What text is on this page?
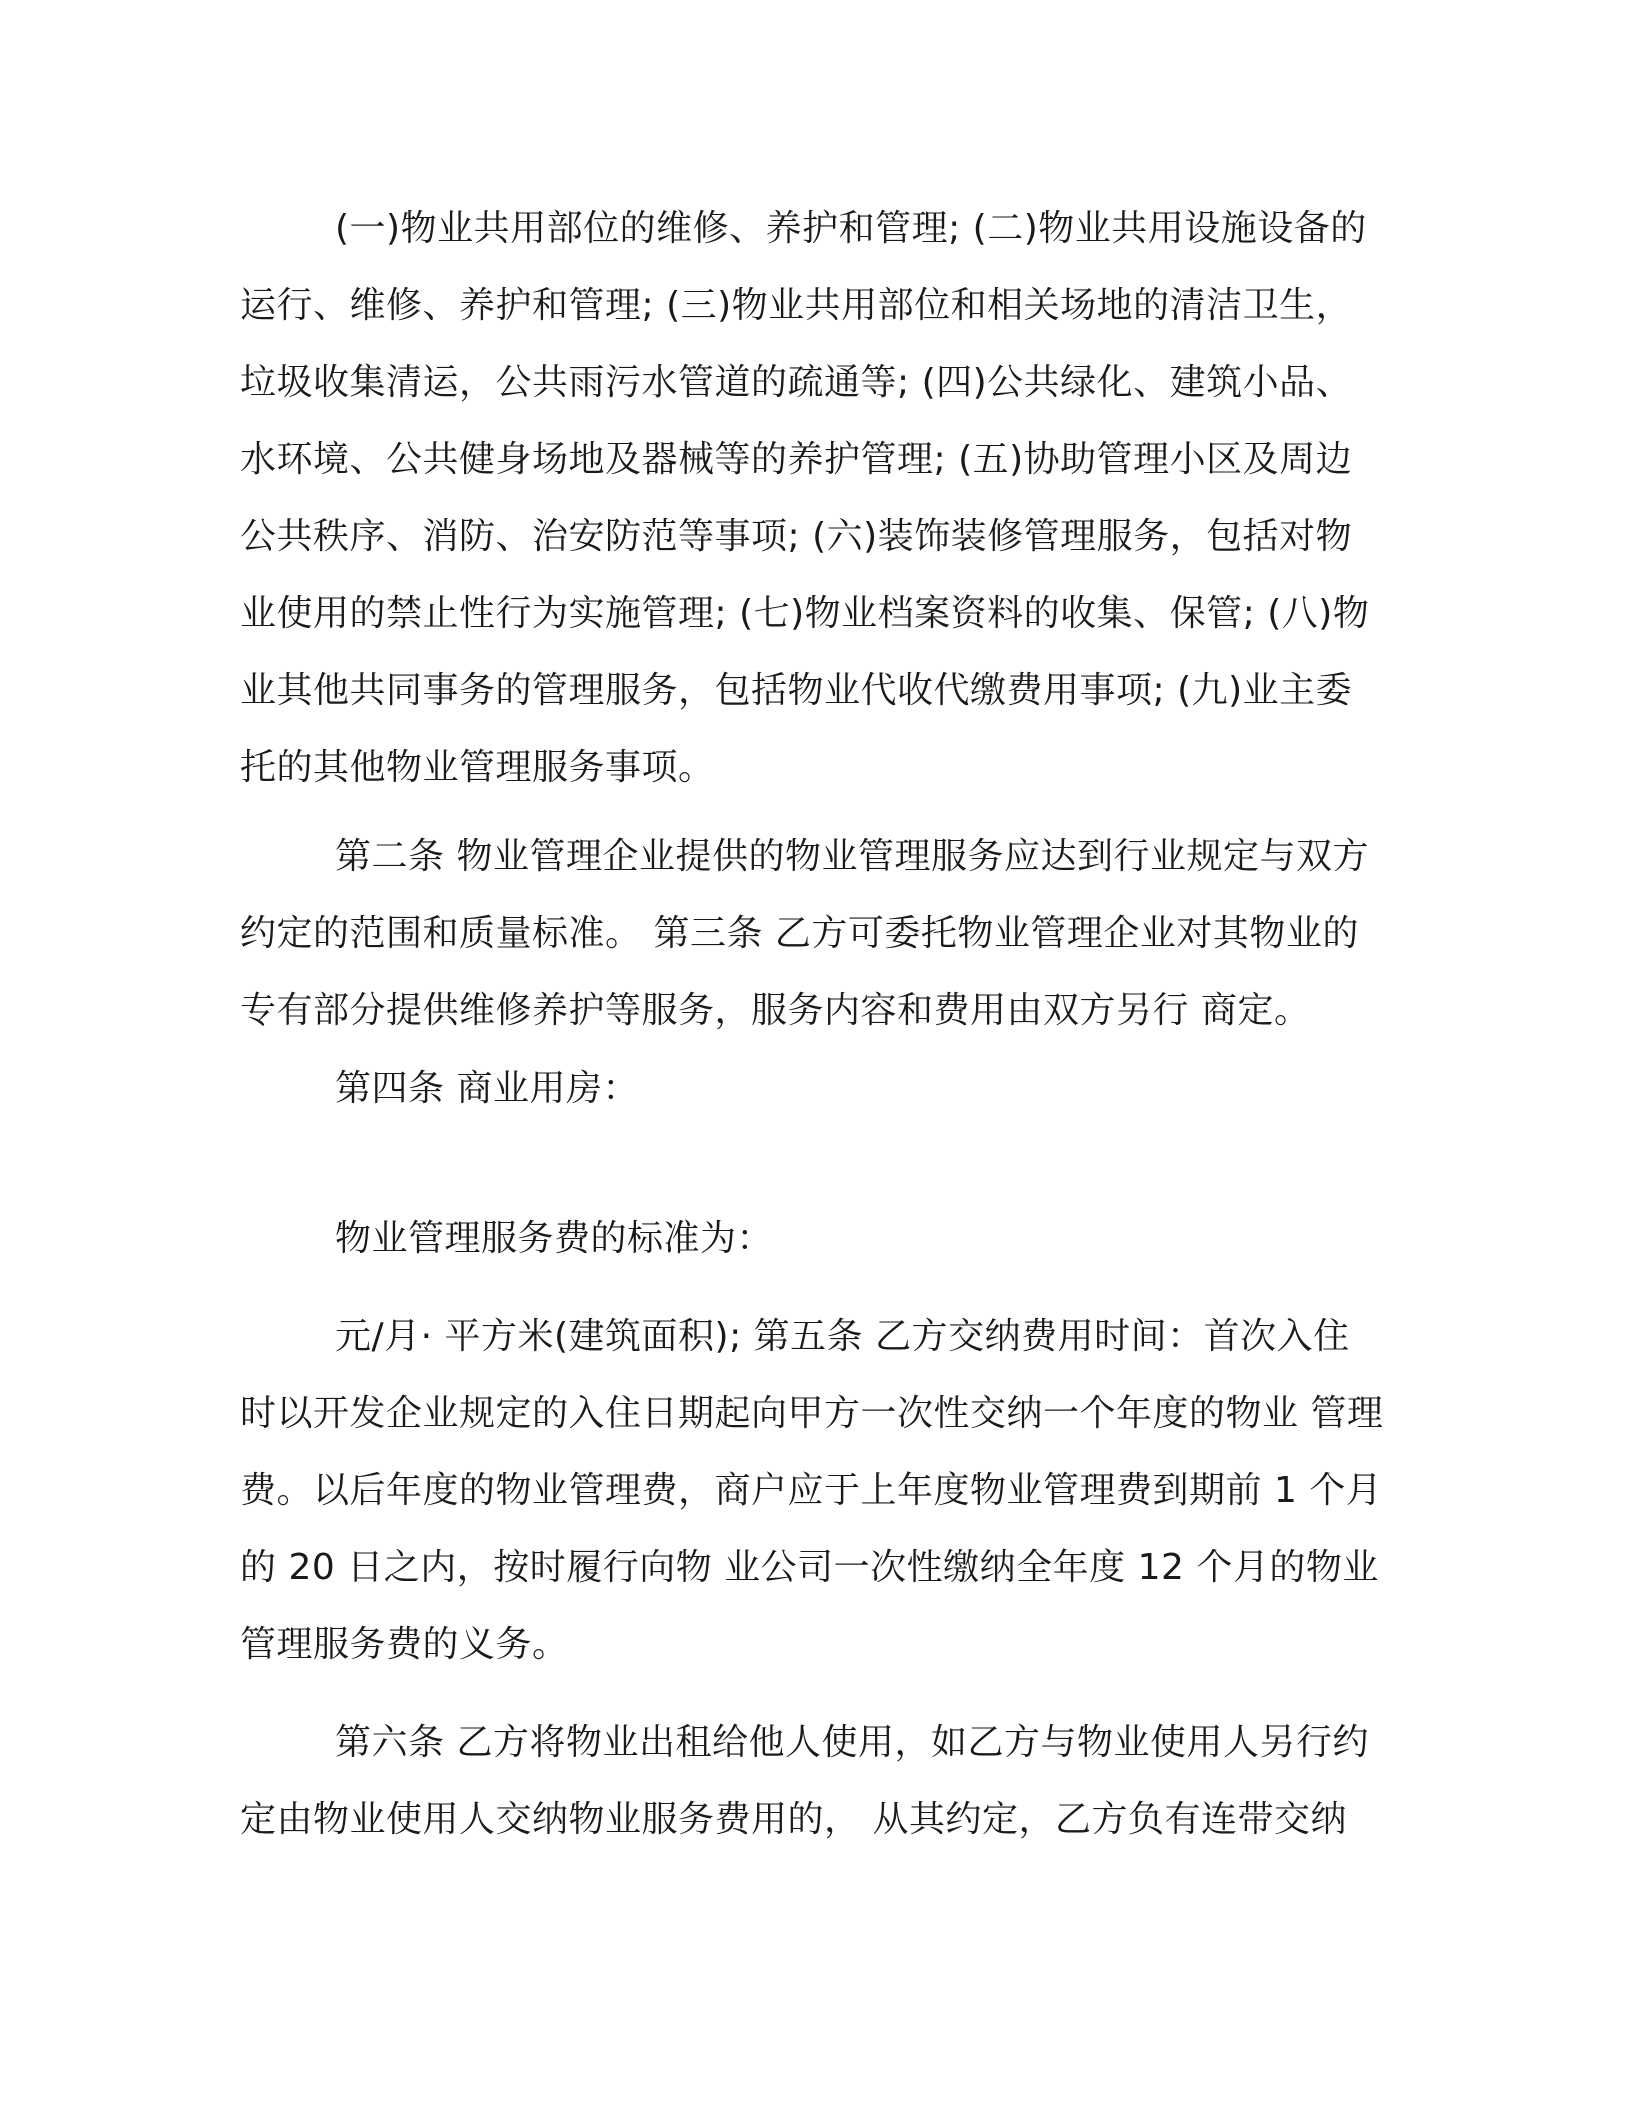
(一)物业共用部位的维修、养护和管理; (二)物业共用设施设备的运行、维修、养护和管理; (三)物业共用部位和相关场地的清洁卫生，垃圾收集清运，公共雨污水管道的疏通等; (四)公共绿化、建筑小品、水环境、公共健身场地及器械等的养护管理; (五)协助管理小区及周边公共秩序、消防、治安防范等事项; (六)装饰装修管理服务，包括对物业使用的禁止性行为实施管理; (七)物业档案资料的收集、保管; (八)物业其他共同事务的管理服务，包括物业代收代缴费用事项; (九)业主委托的其他物业管理服务事项。

第二条 物业管理企业提供的物业管理服务应达到行业规定与双方约定的范围和质量标准。 第三条 乙方可委托物业管理企业对其物业的专有部分提供维修养护等服务，服务内容和费用由双方另行 商定。

第四条 商业用房：

物业管理服务费的标准为：

元/月· 平方米(建筑面积); 第五条 乙方交纳费用时间：首次入住时以开发企业规定的入住日期起向甲方一次性交纳一个年度的物业 管理费。以后年度的物业管理费，商户应于上年度物业管理费到期前 1 个月的 20 日之内，按时履行向物 业公司一次性缴纳全年度 12 个月的物业管理服务费的义务。

第六条 乙方将物业出租给他人使用，如乙方与物业使用人另行约定由物业使用人交纳物业服务费用的， 从其约定，乙方负有连带交纳
